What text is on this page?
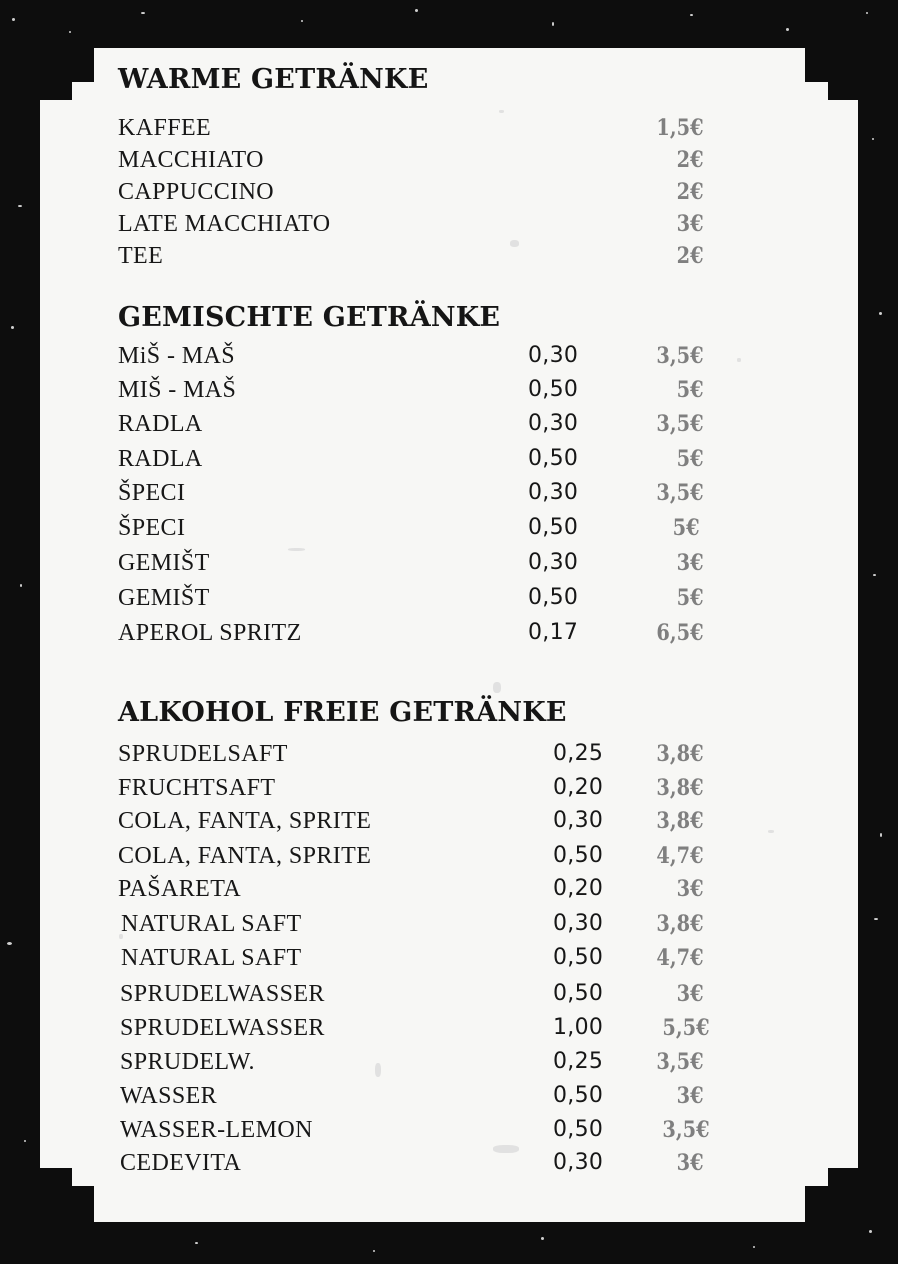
WARME GETRÄNKE
KAFFEE	1,5€
MACCHIATO	2€
CAPPUCCINO	2€
LATE MACCHIATO	3€
TEE	2€
GEMISCHTE GETRÄNKE
MiŠ - MAŠ	0,30	3,5€
MIŠ - MAŠ	0,50	5€
RADLA	0,30	3,5€
RADLA	0,50	5€
ŠPECI	0,30	3,5€
ŠPECI	0,50	5€
GEMIŠT	0,30	3€
GEMIŠT	0,50	5€
APEROL SPRITZ	0,17	6,5€
ALKOHOL FREIE GETRÄNKE
SPRUDELSAFT	0,25 3,8€
FRUCHTSAFT	0,20 3,8€
COLA, FANTA, SPRITE	0,30 3,8€
COLA, FANTA, SPRITE	0,50 4,7€
PAŠARETA	0,20	3€
NATURAL SAFT	0,30 3,8€
NATURAL SAFT	0,50 4,7€
SPRUDELWASSER	0,50	3€
SPRUDELWASSER	1,00	5,5€
SPRUDELW.	0,25 3,5€
WASSER	0,50	3€
WASSER-LEMON	0,50	3,5€
CEDEVITA	0,30	3€
